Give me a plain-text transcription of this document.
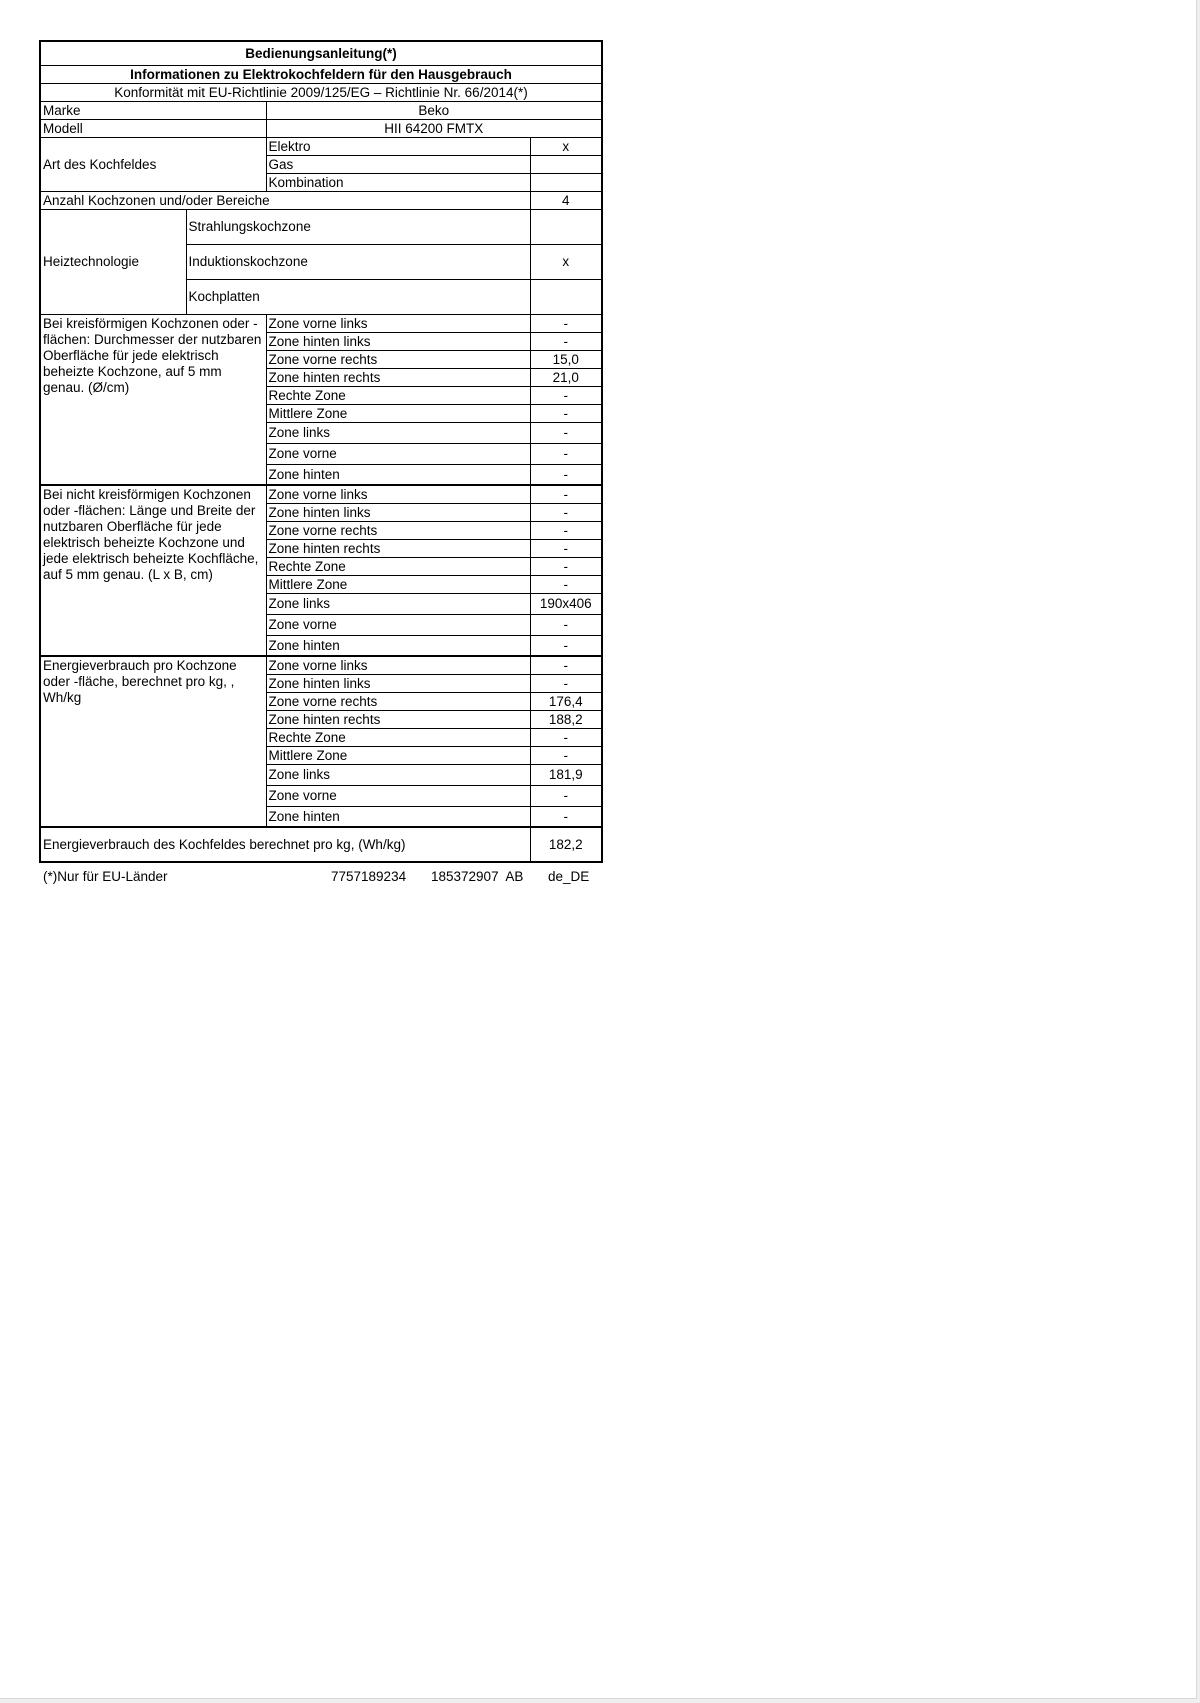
Bedienungsanleitung(*)			
Informationen zu Elektrokochfeldern für den Hausgebrauch			
Konformität mit EU-Richtlinie 2009/125/EG – Richtlinie Nr. 66/2014(*)			
Marke		Beko	
Modell		HII 64200 FMTX	
Art des Kochfeldes		Elektro	x
		Gas	
		Kombination	
Anzahl Kochzonen und/oder Bereiche			4
Heiztechnologie	Strahlungskochzone		
	Induktionskochzone		x
	Kochplatten		
Bei kreisförmigen Kochzonen oder -flächen: Durchmesser der nutzbaren Oberfläche für jede elektrisch beheizte Kochzone, auf 5 mm genau. (Ø/cm)		Zone vorne links	-
		Zone hinten links	-
		Zone vorne rechts	15,0
		Zone hinten rechts	21,0
		Rechte Zone	-
		Mittlere Zone	-
		Zone links	-
		Zone vorne	-
		Zone hinten	-
Bei nicht kreisförmigen Kochzonen oder -flächen: Länge und Breite der nutzbaren Oberfläche für jede elektrisch beheizte Kochzone und jede elektrisch beheizte Kochfläche, auf 5 mm genau. (L x B, cm)		Zone vorne links	-
		Zone hinten links	-
		Zone vorne rechts	-
		Zone hinten rechts	-
		Rechte Zone	-
		Mittlere Zone	-
		Zone links	190x406
		Zone vorne	-
		Zone hinten	-
Energieverbrauch pro Kochzone oder -fläche, berechnet pro kg, , Wh/kg		Zone vorne links	-
		Zone hinten links	-
		Zone vorne rechts	176,4
		Zone hinten rechts	188,2
		Rechte Zone	-
		Mittlere Zone	-
		Zone links	181,9
		Zone vorne	-
		Zone hinten	-
Energieverbrauch des Kochfeldes berechnet pro kg, (Wh/kg)			182,2
(*)Nur für EU-Länder	7757189234 185372907  AB de_DE
